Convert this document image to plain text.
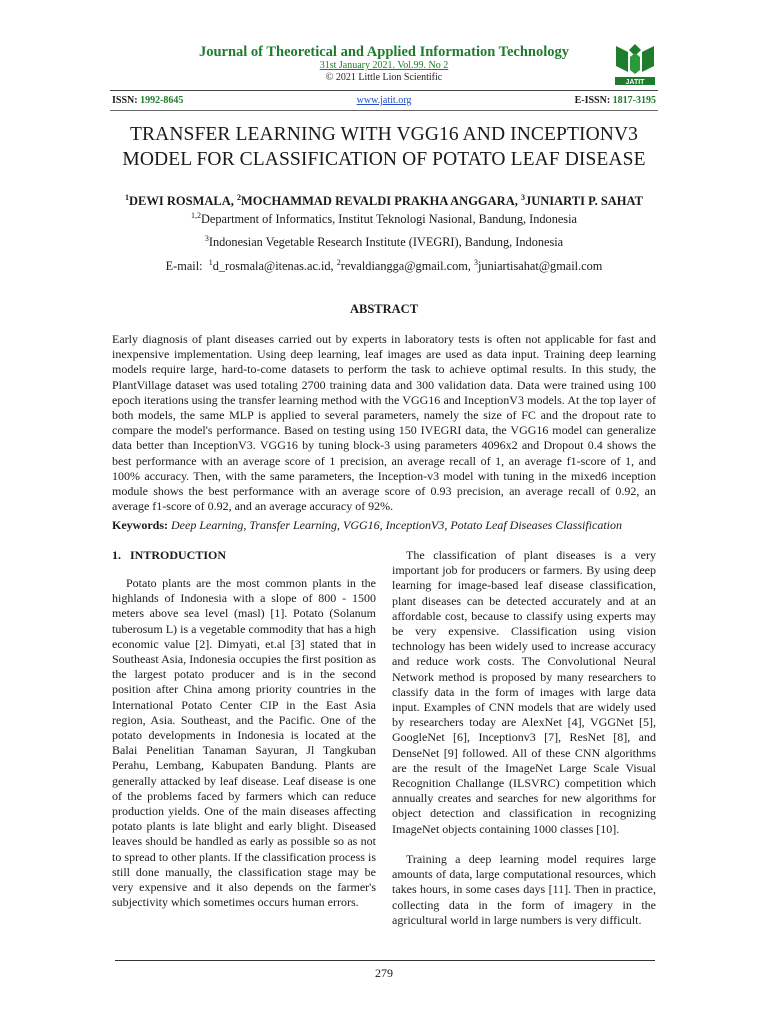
Journal of Theoretical and Applied Information Technology
31st January 2021. Vol.99. No 2
© 2021 Little Lion Scientific	JATIT
ISSN: 1992-8645	www.jatit.org	E-ISSN: 1817-3195
TRANSFER LEARNING WITH VGG16 AND INCEPTIONV3
MODEL FOR CLASSIFICATION OF POTATO LEAF DISEASE
$^1$DEWI ROSMALA, $^2$MOCHAMMAD REVALDI PRAKHA ANGGARA, $^3$JUNIARTI P. SAHAT
$^{1,2}$Department of Informatics, Institut Teknologi Nasional, Bandung, Indonesia
$^3$Indonesian Vegetable Research Institute (IVEGRI), Bandung, Indonesia
E-mail:  $^1$d_rosmala@itenas.ac.id, $^2$revaldiangga@gmail.com, $^3$juniartisahat@gmail.com
ABSTRACT
Early diagnosis of plant diseases carried out by experts in laboratory tests is often not applicable for fast and inexpensive implementation. Using deep learning, leaf images are used as data input. Training deep learning models require large, hard-to-come datasets to perform the task to achieve optimal results. In this study, the PlantVillage dataset was used totaling 2700 training data and 300 validation data. Data were trained using 100 epoch iterations using the transfer learning method with the VGG16 and InceptionV3 models. At the top layer of both models, the same MLP is applied to several parameters, namely the size of FC and the dropout rate to compare the model's performance. Based on testing using 150 IVEGRI data, the VGG16 model can generalize data better than InceptionV3. VGG16 by tuning block-3 using parameters 4096x2 and Dropout 0.4 shows the best performance with an average score of 1 precision, an average recall of 1, an average f1-score of 1, and 100% accuracy. Then, with the same parameters, the Inception-v3 model with tuning in the mixed6 inception module shows the best performance with an average score of 0.93 precision, an average recall of 0.92, an average f1-score of 0.92, and an average accuracy of 92%.
Keywords: Deep Learning, Transfer Learning, VGG16, InceptionV3, Potato Leaf Diseases Classification
1.   INTRODUCTION
Potato plants are the most common plants in the highlands of Indonesia with a slope of 800 - 1500 meters above sea level (masl) [1]. Potato (Solanum tuberosum L) is a vegetable commodity that has a high economic value [2]. Dimyati, et.al [3] stated that in Southeast Asia, Indonesia occupies the first position as the largest potato producer and is in the second position after China among priority countries in the International Potato Center CIP in the East Asia region, Asia. Southeast, and the Pacific. One of the potato developments in Indonesia is located at the Balai Penelitian Tanaman Sayuran, Jl Tangkuban Perahu, Lembang, Kabupaten Bandung. Plants are generally attacked by leaf disease. Leaf disease is one of the problems faced by farmers which can reduce production yields. One of the main diseases affecting potato plants is late blight and early blight. Diseased leaves should be handled as early as possible so as not to spread to other plants. If the classification process is still done manually, the classification stage may be very expensive and it also depends on the farmer's subjectivity which sometimes occurs human errors.
The classification of plant diseases is a very important job for producers or farmers. By using deep learning for image-based leaf disease classification, plant diseases can be detected accurately and at an affordable cost, because to classify using experts may be very expensive. Classification using vision technology has been widely used to increase accuracy and reduce work costs. The Convolutional Neural Network method is proposed by many researchers to classify data in the form of images with large data input. Examples of CNN models that are widely used by researchers today are AlexNet [4], VGGNet [5], GoogleNet [6], Inceptionv3 [7], ResNet [8], and DenseNet [9] followed. All of these CNN algorithms are the result of the ImageNet Large Scale Visual Recognition Challange (ILSVRC) competition which annually creates and searches for new algorithms for object detection and classification in recognizing ImageNet objects containing 1000 classes [10].
Training a deep learning model requires large amounts of data, large computational resources, which takes hours, in some cases days [11]. Then in practice, collecting data in the form of imagery in the agricultural world in large numbers is very difficult.
279
